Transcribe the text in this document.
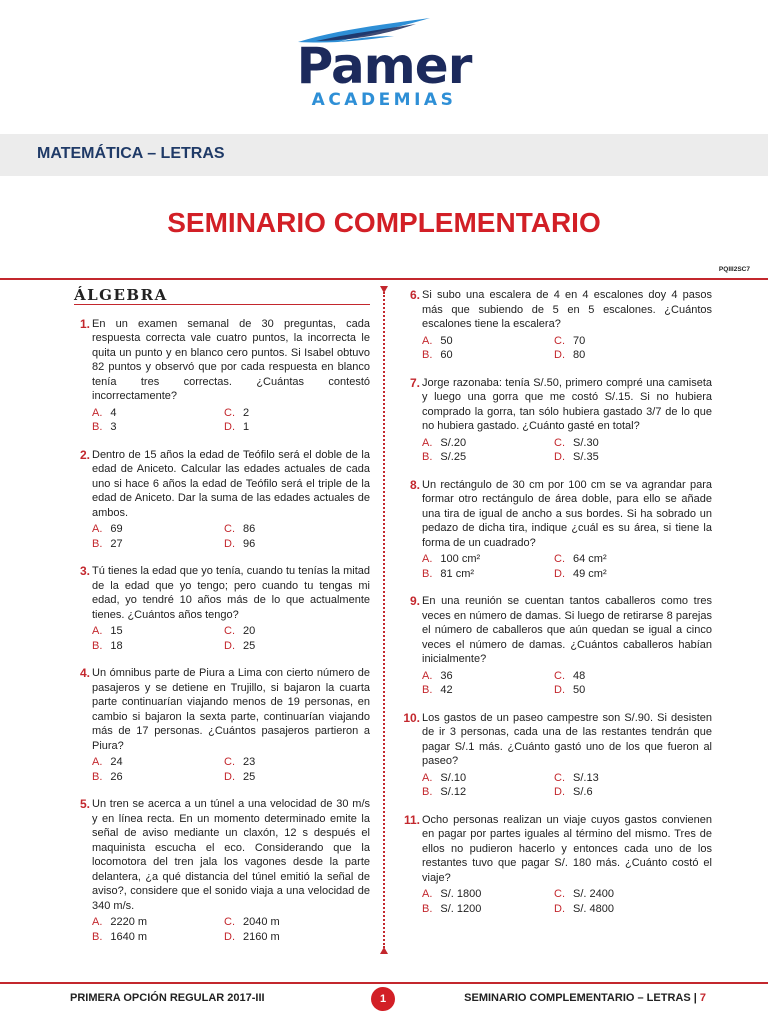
Pamer
ACADEMIAS
MATEMÁTICA – LETRAS
SEMINARIO COMPLEMENTARIO
PQIII2SC7
ÁLGEBRA
1. En un examen semanal de 30 preguntas, cada respuesta correcta vale cuatro puntos, la incorrecta le quita un punto y en blanco cero puntos. Si Isabel obtuvo 82 puntos y observó que por cada respuesta en blanco tenía tres correctas. ¿Cuántas contestó incorrectamente?
A. 4	C. 2
B. 3	D. 1
2. Dentro de 15 años la edad de Teófilo será el doble de la edad de Aniceto. Calcular las edades actuales de cada uno si hace 6 años la edad de Teófilo será el triple de la edad de Aniceto. Dar la suma de las edades actuales de ambos.
A. 69	C. 86
B. 27	D. 96
3. Tú tienes la edad que yo tenía, cuando tu tenías la mitad de la edad que yo tengo; pero cuando tu tengas mi edad, yo tendré 10 años más de lo que actualmente tienes. ¿Cuántos años tengo?
A. 15	C. 20
B. 18	D. 25
4. Un ómnibus parte de Piura a Lima con cierto número de pasajeros y se detiene en Trujillo, si bajaron la cuarta parte continuarían viajando menos de 19 personas, en cambio si bajaron la sexta parte, continuarían viajando más de 17 personas. ¿Cuántos pasajeros partieron a Piura?
A. 24	C. 23
B. 26	D. 25
5. Un tren se acerca a un túnel a una velocidad de 30 m/s y en línea recta. En un momento determinado emite la señal de aviso mediante un claxón, 12 s después el maquinista escucha el eco. Considerando que la locomotora del tren jala los vagones desde la parte delantera, ¿a qué distancia del túnel emitió la señal de aviso?, considere que el sonido viaja a una velocidad de 340 m/s.
A. 2220 m	C. 2040 m
B. 1640 m	D. 2160 m
6. Si subo una escalera de 4 en 4 escalones doy 4 pasos más que subiendo de 5 en 5 escalones. ¿Cuántos escalones tiene la escalera?
A. 50	C. 70
B. 60	D. 80
7. Jorge razonaba: tenía S/.50, primero compré una camiseta y luego una gorra que me costó S/.15. Si no hubiera comprado la gorra, tan sólo hubiera gastado 3/7 de lo que no hubiera gastado. ¿Cuánto gasté en total?
A. S/.20	C. S/.30
B. S/.25	D. S/.35
8. Un rectángulo de 30 cm por 100 cm se va agrandar para formar otro rectángulo de área doble, para ello se añade una tira de igual de ancho a sus bordes. Si ha sobrado un pedazo de dicha tira, indique ¿cuál es su área, si tiene la forma de un cuadrado?
A. 100 cm²	C. 64 cm²
B. 81 cm²	D. 49 cm²
9. En una reunión se cuentan tantos caballeros como tres veces en número de damas. Si luego de retirarse 8 parejas el número de caballeros que aún quedan se igual a cinco veces el número de damas. ¿Cuántos caballeros habían inicialmente?
A. 36	C. 48
B. 42	D. 50
10. Los gastos de un paseo campestre son S/.90. Si desisten de ir 3 personas, cada una de las restantes tendrán que pagar S/.1 más. ¿Cuánto gastó uno de los que fueron al paseo?
A. S/.10	C. S/.13
B. S/.12	D. S/.6
11. Ocho personas realizan un viaje cuyos gastos convienen en pagar por partes iguales al término del mismo. Tres de ellos no pudieron hacerlo y entonces cada uno de los restantes tuvo que pagar S/. 180 más. ¿Cuánto costó el viaje?
A. S/. 1800	C. S/. 2400
B. S/. 1200	D. S/. 4800
PRIMERA OPCIÓN REGULAR 2017-III	1	SEMINARIO COMPLEMENTARIO – LETRAS | 7
